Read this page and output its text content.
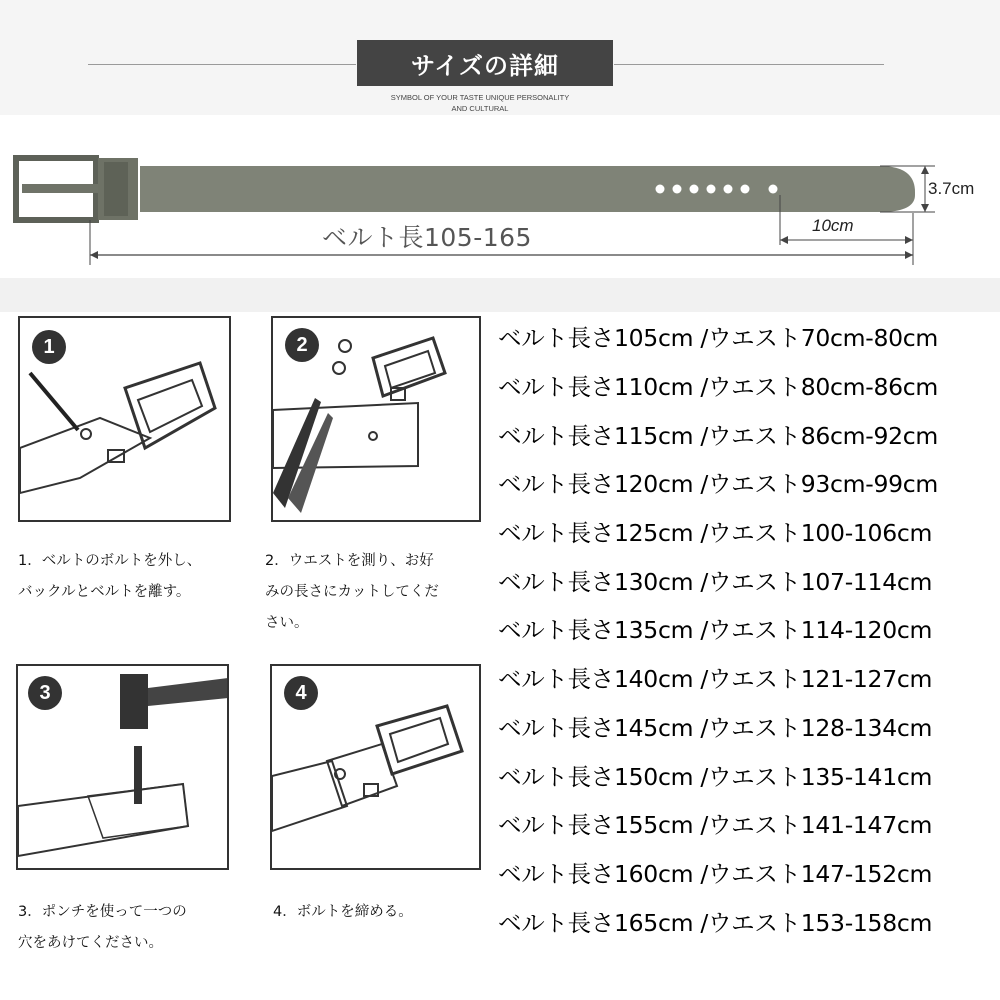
サイズの詳細
SYMBOL OF YOUR TASTE UNIQUE PERSONALITY
AND CULTURAL
ベルト長105-165	10cm
3.7cm
1
1．ベルトのボルトを外し、
バックルとベルトを離す。
2
2．ウエストを測り、お好
みの長さにカットしてくだ
さい。
3
3．ポンチを使って一つの
穴をあけてください。
4
4．ボルトを締める。
ベルト長さ105cm /ウエスト70cm-80cm
ベルト長さ110cm /ウエスト80cm-86cm
ベルト長さ115cm /ウエスト86cm-92cm
ベルト長さ120cm /ウエスト93cm-99cm
ベルト長さ125cm /ウエスト100-106cm
ベルト長さ130cm /ウエスト107-114cm
ベルト長さ135cm /ウエスト114-120cm
ベルト長さ140cm /ウエスト121-127cm
ベルト長さ145cm /ウエスト128-134cm
ベルト長さ150cm /ウエスト135-141cm
ベルト長さ155cm /ウエスト141-147cm
ベルト長さ160cm /ウエスト147-152cm
ベルト長さ165cm /ウエスト153-158cm
